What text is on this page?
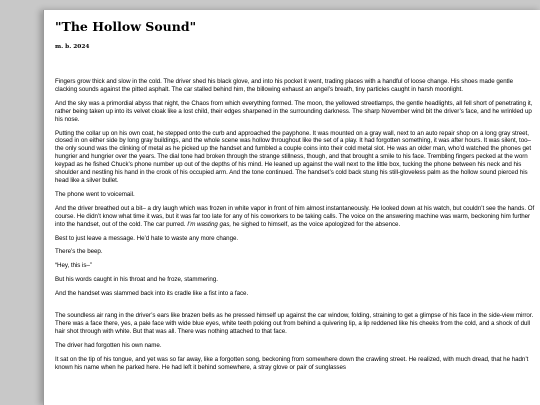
"The Hollow Sound"
m. b. 2024

Fingers grow thick and slow in the cold. The driver shed his black glove, and into his pocket it went, trading places with a handful of loose change. His shoes made gentle clacking sounds against the pitted asphalt. The car stalled behind him, the billowing exhaust an angel’s breath, tiny particles caught in harsh moonlight.

And the sky was a primordial abyss that night, the Chaos from which everything formed. The moon, the yellowed streetlamps, the gentle headlights, all fell short of penetrating it, rather being taken up into its velvet cloak like a lost child, their edges sharpened in the surrounding darkness. The sharp November wind bit the driver’s face, and he wrinkled up his nose.

Putting the collar up on his own coat, he stepped onto the curb and approached the payphone. It was mounted on a gray wall, next to an auto repair shop on a long gray street, closed in on either side by long gray buildings, and the whole scene was hollow throughout like the set of a play. It had forgotten something, it was after hours. It was silent, too– the only sound was the clinking of metal as he picked up the handset and fumbled a couple coins into their cold metal slot. He was an older man, who’d watched the phones get hungrier and hungrier over the years. The dial tone had broken through the strange stillness, though, and that brought a smile to his face. Trembling fingers pecked at the worn keypad as he fished Chuck’s phone number up out of the depths of his mind. He leaned up against the wall next to the little box, tucking the phone between his neck and his shoulder and nestling his hand in the crook of his occupied arm. And the tone continued. The handset’s cold back stung his still-gloveless palm as the hollow sound pierced his head like a silver bullet.

The phone went to voicemail.

And the driver breathed out a bit– a dry laugh which was frozen in white vapor in front of him almost instantaneously. He looked down at his watch, but couldn’t see the hands. Of course. He didn’t know what time it was, but it was far too late for any of his coworkers to be taking calls. The voice on the answering machine was warm, beckoning him further into the handset, out of the cold. The car purred. I’m wasting gas, he sighed to himself, as the voice apologized for the absence.

Best to just leave a message. He’d hate to waste any more change.

There’s the beep.

“Hey, this is–”

But his words caught in his throat and he froze, stammering.

And the handset was slammed back into its cradle like a fist into a face.

The soundless air rang in the driver’s ears like brazen bells as he pressed himself up against the car window, folding, straining to get a glimpse of his face in the side-view mirror. There was a face there, yes, a pale face with wide blue eyes, white teeth poking out from behind a quivering lip, a lip reddened like his cheeks from the cold, and a shock of dull hair shot through with white. But that was all. There was nothing attached to that face.

The driver had forgotten his own name.

It sat on the tip of his tongue, and yet was so far away, like a forgotten song, beckoning from somewhere down the crawling street. He realized, with much dread, that he hadn’t known his name when he parked here. He had left it behind somewhere, a stray glove or pair of sunglasses
